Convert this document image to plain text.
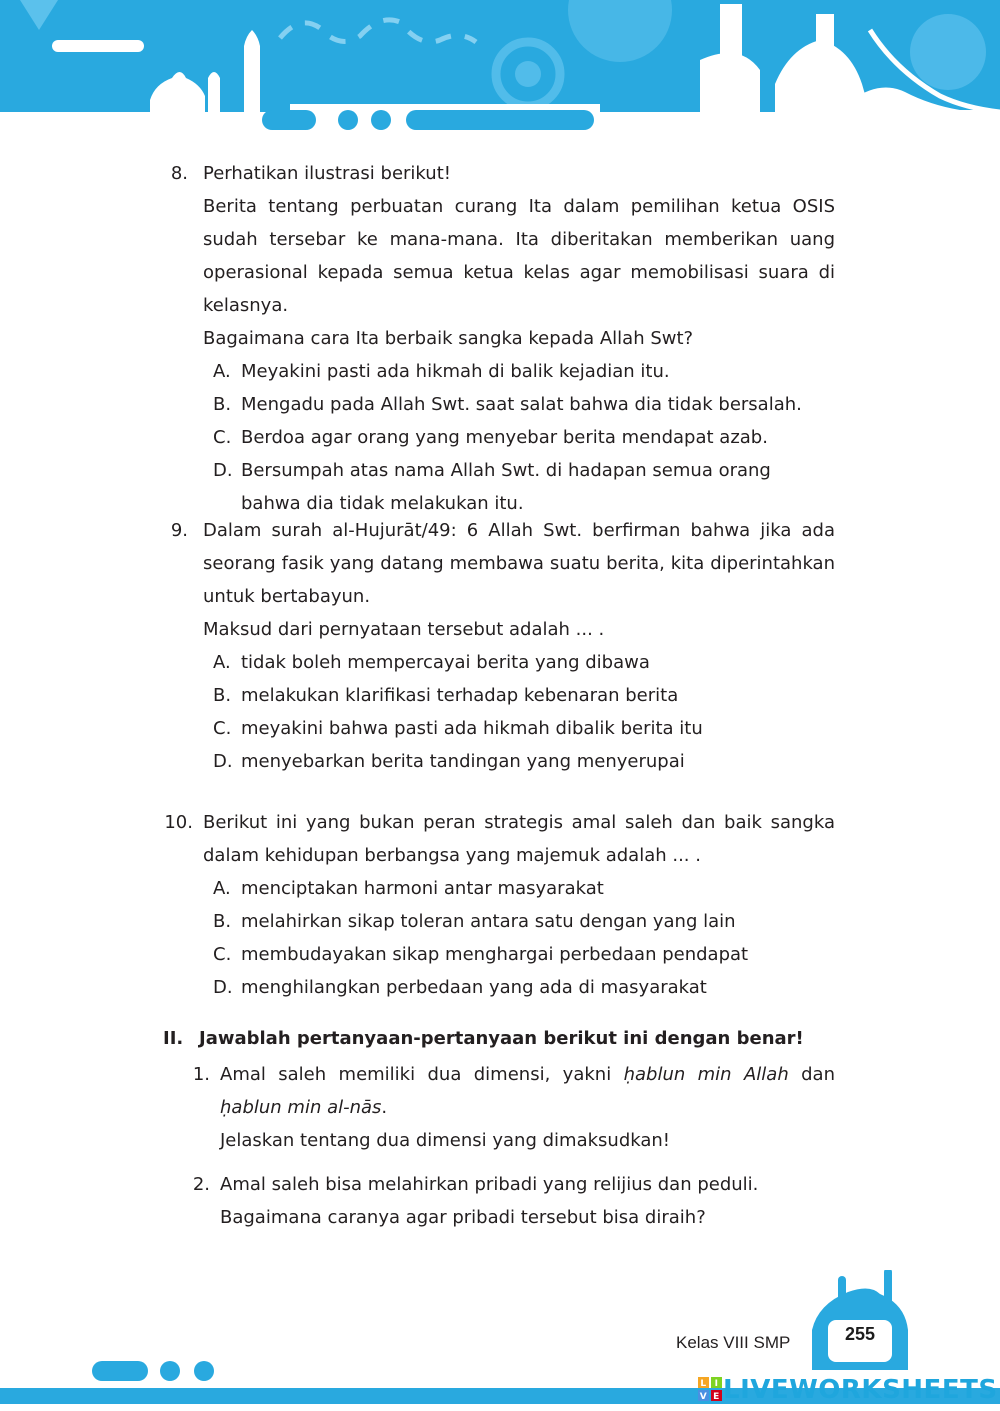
8. Perhatikan ilustrasi berikut!

Berita tentang perbuatan curang Ita dalam pemilihan ketua OSIS sudah tersebar ke mana-mana. Ita diberitakan memberikan uang operasional kepada semua ketua kelas agar memobilisasi suara di kelasnya.

Bagaimana cara Ita berbaik sangka kepada Allah Swt?

A. Meyakini pasti ada hikmah di balik kejadian itu.
B. Mengadu pada Allah Swt. saat salat bahwa dia tidak bersalah.
C. Berdoa agar orang yang menyebar berita mendapat azab.
D. Bersumpah atas nama Allah Swt. di hadapan semua orang bahwa dia tidak melakukan itu.
9. Dalam surah al-Hujurāt/49: 6 Allah Swt. berfirman bahwa jika ada seorang fasik yang datang membawa suatu berita, kita diperintahkan untuk bertabayun.

Maksud dari pernyataan tersebut adalah ... .

A. tidak boleh mempercayai berita yang dibawa
B. melakukan klarifikasi terhadap kebenaran berita
C. meyakini bahwa pasti ada hikmah dibalik berita itu
D. menyebarkan berita tandingan yang menyerupai
10. Berikut ini yang bukan peran strategis amal saleh dan baik sangka dalam kehidupan berbangsa yang majemuk adalah ... .

A. menciptakan harmoni antar masyarakat
B. melahirkan sikap toleran antara satu dengan yang lain
C. membudayakan sikap menghargai perbedaan pendapat
D. menghilangkan perbedaan yang ada di masyarakat
II. Jawablah pertanyaan-pertanyaan berikut ini dengan benar!
1. Amal saleh memiliki dua dimensi, yakni ḥablun min Allah dan ḥablun min al-nās.

Jelaskan tentang dua dimensi yang dimaksudkan!

2. Amal saleh bisa melahirkan pribadi yang relijius dan peduli.

Bagaimana caranya agar pribadi tersebut bisa diraih?

Kelas VIII SMP	255
L I
V E LIVEWORKSHEETS
